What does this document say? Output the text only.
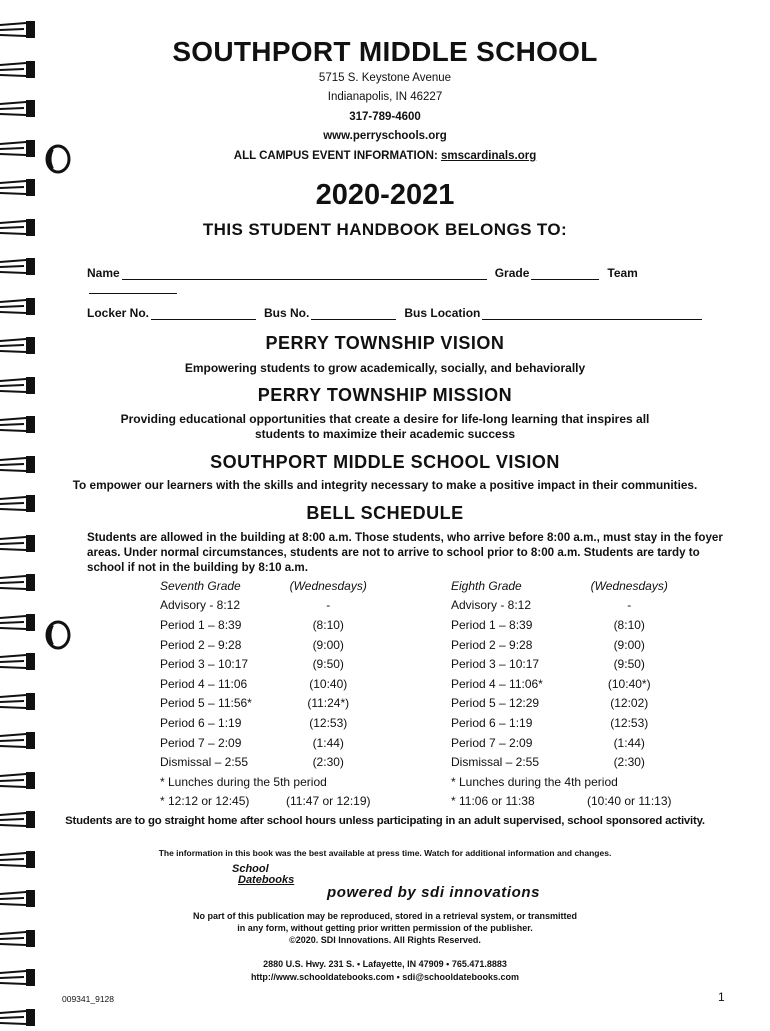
SOUTHPORT MIDDLE SCHOOL
5715 S. Keystone Avenue
Indianapolis, IN 46227
317-789-4600
www.perryschools.org
ALL CAMPUS EVENT INFORMATION: smscardinals.org
2020-2021
THIS STUDENT HANDBOOK BELONGS TO:
Name	Grade	Team
Locker No.	Bus No.	Bus Location
PERRY TOWNSHIP VISION
Empowering students to grow academically, socially, and behaviorally
PERRY TOWNSHIP MISSION
Providing educational opportunities that create a desire for life-long learning that inspires all
students to maximize their academic success
SOUTHPORT MIDDLE SCHOOL VISION
To empower our learners with the skills and integrity necessary to make a positive impact in their communities.
BELL SCHEDULE
Students are allowed in the building at 8:00 a.m. Those students, who arrive before 8:00 a.m., must stay in the foyer
areas. Under normal circumstances, students are not to arrive to school prior to 8:00 a.m. Students are tardy to
school if not in the building by 8:10 a.m.
Seventh Grade	(Wednesdays)
Advisory - 8:12	-
Period 1 – 8:39	(8:10)
Period 2 – 9:28	(9:00)
Period 3 – 10:17	(9:50)
Period 4 – 11:06	(10:40)
Period 5 – 11:56*	(11:24*)
Period 6 – 1:19	(12:53)
Period 7 – 2:09	(1:44)
Dismissal – 2:55	(2:30)
* Lunches during the 5th period	
* 12:12 or 12:45)	(11:47 or 12:19)
Eighth Grade	(Wednesdays)
Advisory - 8:12	-
Period 1 – 8:39	(8:10)
Period 2 – 9:28	(9:00)
Period 3 – 10:17	(9:50)
Period 4 – 11:06*	(10:40*)
Period 5 – 12:29	(12:02)
Period 6 – 1:19	(12:53)
Period 7 – 2:09	(1:44)
Dismissal – 2:55	(2:30)
* Lunches during the 4th period	
* 11:06 or 11:38	(10:40 or 11:13)
Students are to go straight home after school hours unless participating in an adult supervised, school sponsored activity.
The information in this book was the best available at press time. Watch for additional information and changes.
School
Datebooks
powered by sdi innovations
No part of this publication may be reproduced, stored in a retrieval system, or transmitted
in any form, without getting prior written permission of the publisher.
©2020. SDI Innovations. All Rights Reserved.
2880 U.S. Hwy. 231 S. • Lafayette, IN 47909 • 765.471.8883
http://www.schooldatebooks.com • sdi@schooldatebooks.com
009341_9128	1
